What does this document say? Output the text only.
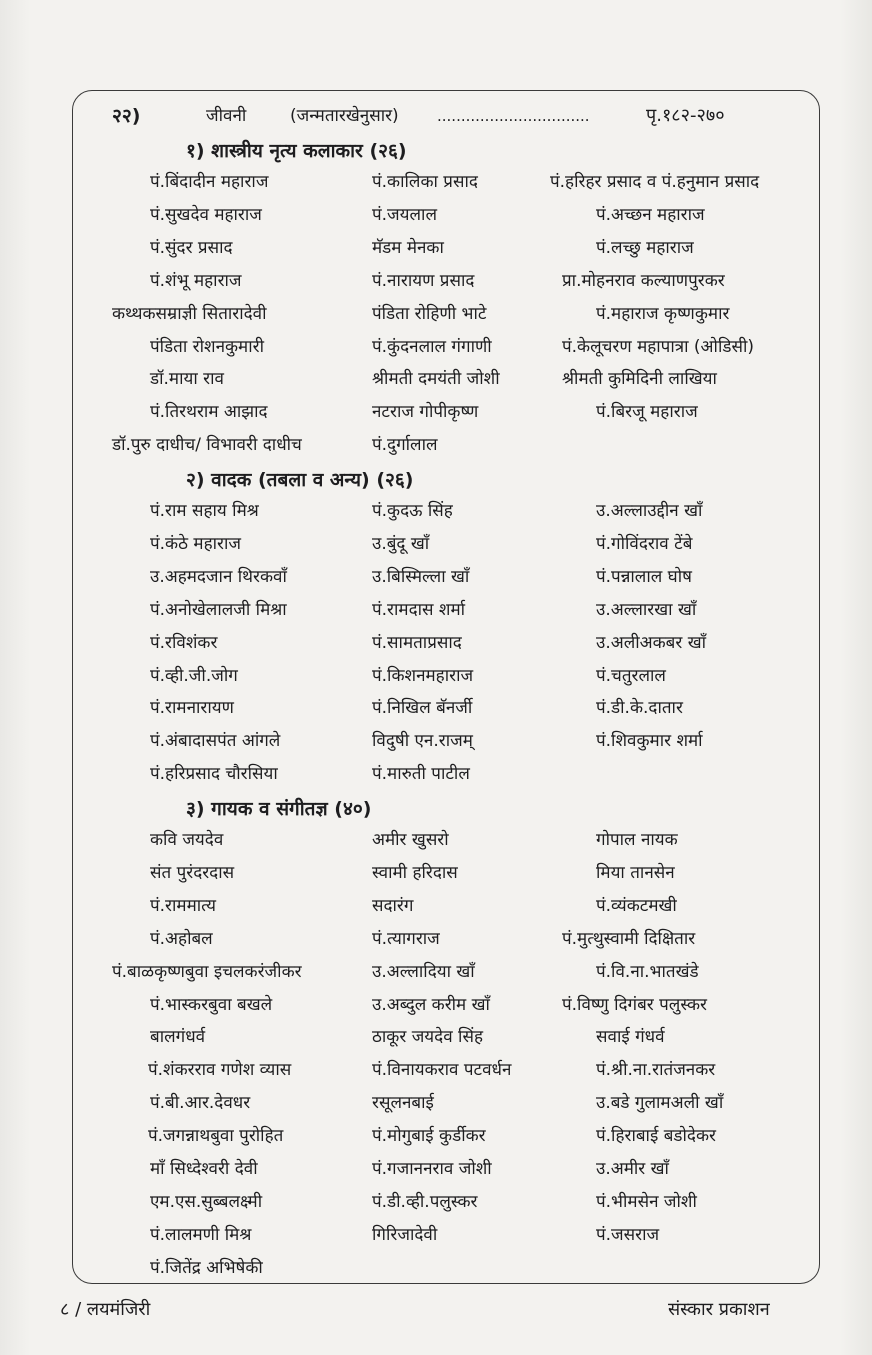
२२)	जीवनी	(जन्मतारखेनुसार)	................................	पृ.१८२-२७०
१) शास्त्रीय नृत्य कलाकार (२६)
पं.बिंदादीन महाराज	पं.कालिका प्रसाद	पं.हरिहर प्रसाद व पं.हनुमान प्रसाद
पं.सुखदेव महाराज	पं.जयलाल	पं.अच्छन महाराज
पं.सुंदर प्रसाद	मॅडम मेनका	पं.लच्छु महाराज
पं.शंभू महाराज	पं.नारायण प्रसाद	प्रा.मोहनराव कल्याणपुरकर
कथ्थकसम्राज्ञी सितारादेवी	पंडिता रोहिणी भाटे	पं.महाराज कृष्णकुमार
पंडिता रोशनकुमारी	पं.कुंदनलाल गंगाणी	पं.केलूचरण महापात्रा (ओडिसी)
डॉ.माया राव	श्रीमती दमयंती जोशी	श्रीमती कुमिदिनी लाखिया
पं.तिरथराम आझाद	नटराज गोपीकृष्ण	पं.बिरजू महाराज
डॉ.पुरु दाधीच/ विभावरी दाधीच	पं.दुर्गालाल
२) वादक (तबला व अन्य) (२६)
पं.राम सहाय मिश्र	पं.कुदऊ सिंह	उ.अल्लाउद्दीन खाँ
पं.कंठे महाराज	उ.बुंदू खाँ	पं.गोविंदराव टेंबे
उ.अहमदजान थिरकवाँ	उ.बिस्मिल्ला खाँ	पं.पन्नालाल घोष
पं.अनोखेलालजी मिश्रा	पं.रामदास शर्मा	उ.अल्लारखा खाँ
पं.रविशंकर	पं.सामताप्रसाद	उ.अलीअकबर खाँ
पं.व्ही.जी.जोग	पं.किशनमहाराज	पं.चतुरलाल
पं.रामनारायण	पं.निखिल बॅनर्जी	पं.डी.के.दातार
पं.अंबादासपंत आंगले	विदुषी एन.राजम्	पं.शिवकुमार शर्मा
पं.हरिप्रसाद चौरसिया	पं.मारुती पाटील
३) गायक व संगीतज्ञ (४०)
कवि जयदेव	अमीर खुसरो	गोपाल नायक
संत पुरंदरदास	स्वामी हरिदास	मिया तानसेन
पं.राममात्य	सदारंग	पं.व्यंकटमखी
पं.अहोबल	पं.त्यागराज	पं.मुत्थुस्वामी दिक्षितार
पं.बाळकृष्णबुवा इचलकरंजीकर	उ.अल्लादिया खाँ	पं.वि.ना.भातखंडे
पं.भास्करबुवा बखले	उ.अब्दुल करीम खाँ	पं.विष्णु दिगंबर पलुस्कर
बालगंधर्व	ठाकूर जयदेव सिंह	सवाई गंधर्व
पं.शंकरराव गणेश व्यास	पं.विनायकराव पटवर्धन	पं.श्री.ना.रातंजनकर
पं.बी.आर.देवधर	रसूलनबाई	उ.बडे गुलामअली खाँ
पं.जगन्नाथबुवा पुरोहित	पं.मोगुबाई कुर्डीकर	पं.हिराबाई बडोदेकर
माँ सिध्देश्वरी देवी	पं.गजाननराव जोशी	उ.अमीर खाँ
एम.एस.सुब्बलक्ष्मी	पं.डी.व्ही.पलुस्कर	पं.भीमसेन जोशी
पं.लालमणी मिश्र	गिरिजादेवी	पं.जसराज
पं.जितेंद्र अभिषेकी
८ / लयमंजिरी	संस्कार प्रकाशन
